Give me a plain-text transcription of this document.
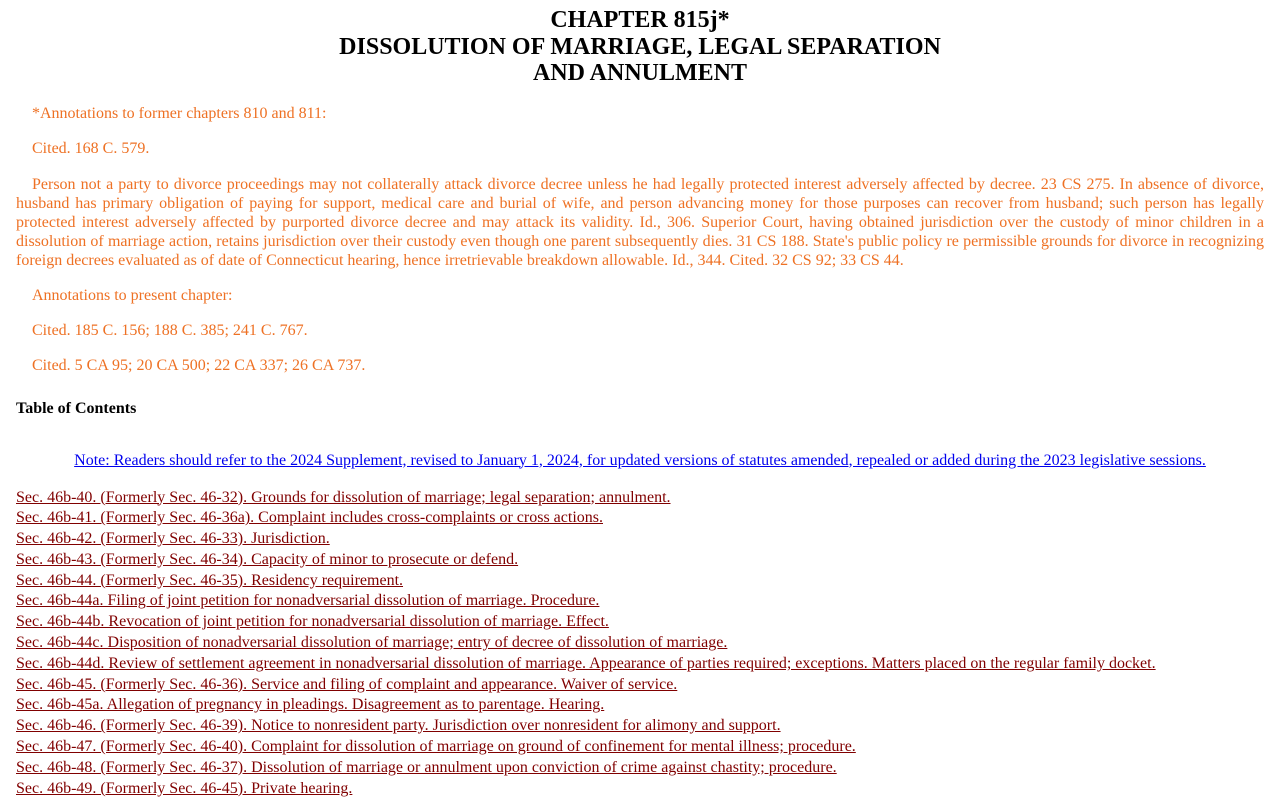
CHAPTER 815j*
DISSOLUTION OF MARRIAGE, LEGAL SEPARATION
AND ANNULMENT

*Annotations to former chapters 810 and 811:

Cited. 168 C. 579.

Person not a party to divorce proceedings may not collaterally attack divorce decree unless he had legally protected interest adversely affected by decree. 23 CS 275. In absence of divorce, husband has primary obligation of paying for support, medical care and burial of wife, and person advancing money for those purposes can recover from husband; such person has legally protected interest adversely affected by purported divorce decree and may attack its validity. Id., 306. Superior Court, having obtained jurisdiction over the custody of minor children in a dissolution of marriage action, retains jurisdiction over their custody even though one parent subsequently dies. 31 CS 188. State's public policy re permissible grounds for divorce in recognizing foreign decrees evaluated as of date of Connecticut hearing, hence irretrievable breakdown allowable. Id., 344. Cited. 32 CS 92; 33 CS 44.

Annotations to present chapter:

Cited. 185 C. 156; 188 C. 385; 241 C. 767.

Cited. 5 CA 95; 20 CA 500; 22 CA 337; 26 CA 737.

Table of Contents

Note: Readers should refer to the 2024 Supplement, revised to January 1, 2024, for updated versions of statutes amended, repealed or added during the 2023 legislative sessions.

Sec. 46b-40. (Formerly Sec. 46-32). Grounds for dissolution of marriage; legal separation; annulment.
Sec. 46b-41. (Formerly Sec. 46-36a). Complaint includes cross-complaints or cross actions.
Sec. 46b-42. (Formerly Sec. 46-33). Jurisdiction.
Sec. 46b-43. (Formerly Sec. 46-34). Capacity of minor to prosecute or defend.
Sec. 46b-44. (Formerly Sec. 46-35). Residency requirement.
Sec. 46b-44a. Filing of joint petition for nonadversarial dissolution of marriage. Procedure.
Sec. 46b-44b. Revocation of joint petition for nonadversarial dissolution of marriage. Effect.
Sec. 46b-44c. Disposition of nonadversarial dissolution of marriage; entry of decree of dissolution of marriage.
Sec. 46b-44d. Review of settlement agreement in nonadversarial dissolution of marriage. Appearance of parties required; exceptions. Matters placed on the regular family docket.
Sec. 46b-45. (Formerly Sec. 46-36). Service and filing of complaint and appearance. Waiver of service.
Sec. 46b-45a. Allegation of pregnancy in pleadings. Disagreement as to parentage. Hearing.
Sec. 46b-46. (Formerly Sec. 46-39). Notice to nonresident party. Jurisdiction over nonresident for alimony and support.
Sec. 46b-47. (Formerly Sec. 46-40). Complaint for dissolution of marriage on ground of confinement for mental illness; procedure.
Sec. 46b-48. (Formerly Sec. 46-37). Dissolution of marriage or annulment upon conviction of crime against chastity; procedure.
Sec. 46b-49. (Formerly Sec. 46-45). Private hearing.
